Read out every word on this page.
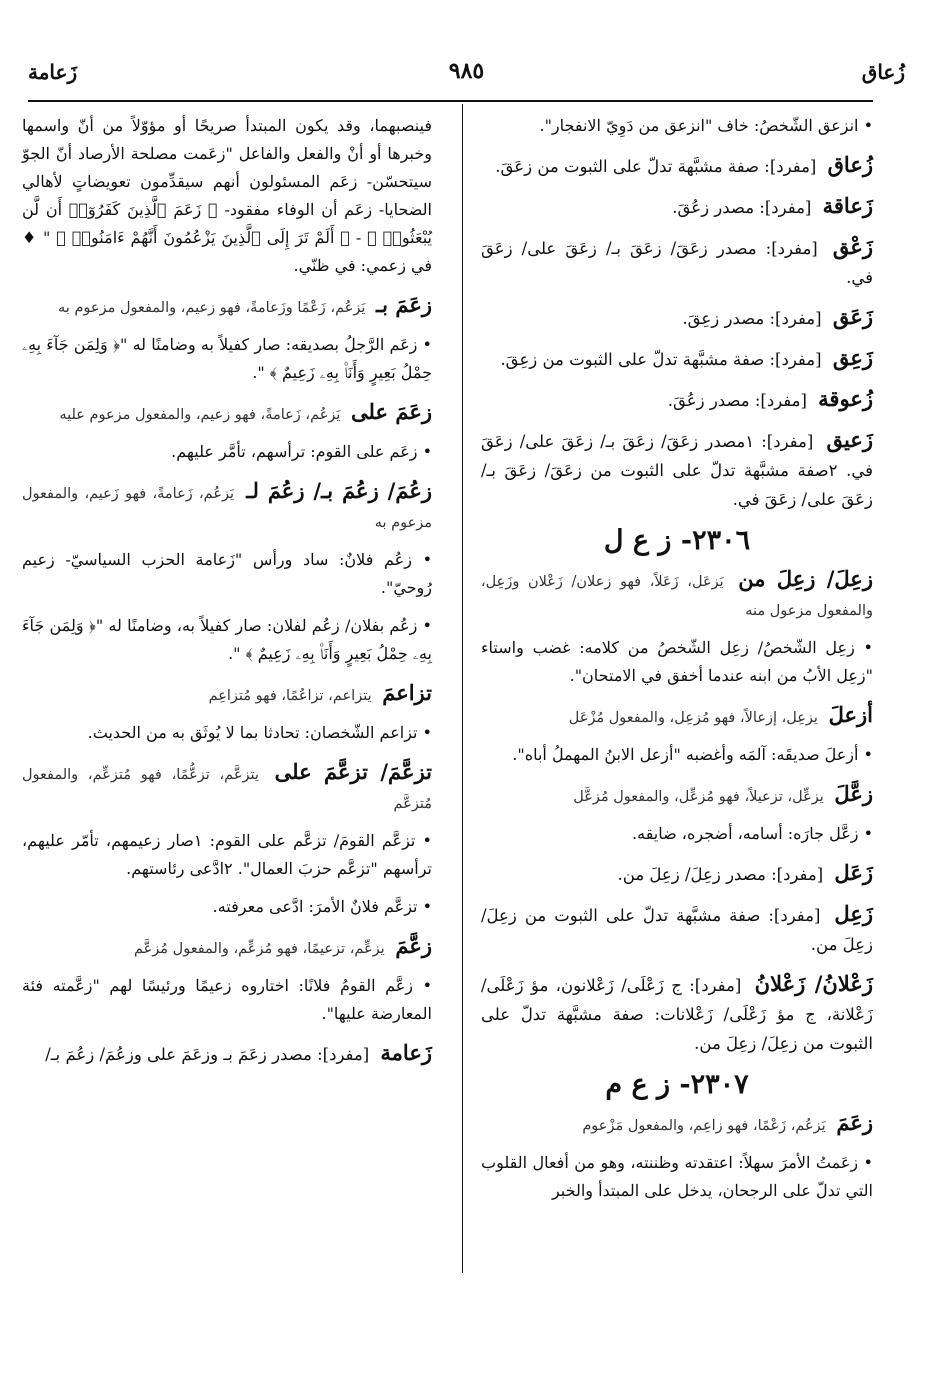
زُعاق
٩٨٥
زَعامة
• انزعق الشّخصُ: خاف "انزعق من دَوِيّ الانفجار".
زُعاق [مفرد]: صفة مشبَّهة تدلّ على الثبوت من زعَقَ.
زَعاقة [مفرد]: مصدر زعُقَ.
زَعْق [مفرد]: مصدر زعَقَ/ زعَقَ بـ/ زعَقَ على/ زعَقَ في.
زَعَق [مفرد]: مصدر زعِقَ.
زَعِق [مفرد]: صفة مشبَّهة تدلّ على الثبوت من زعِقَ.
زُعوقة [مفرد]: مصدر زعُقَ.
زَعيق [مفرد]: ١مصدر زعَقَ/ زعَقَ بـ/ زعَقَ على/ زعَقَ في. ٢صفة مشبَّهة تدلّ على الثبوت من زعَقَ/ زعَقَ بـ/ زعَقَ على/ زعَقَ في.
٢٣٠٦- ز ع ل
زعِلَ/ زعِلَ من يَزعَل، زَعَلاً، فهو زعلان/ زَعْلان وزَعِل، والمفعول مزعول منه
• زعِل الشّخصُ/ زعِل الشّخصُ من كلامه: غضب واستاء "زعِل الأبُ من ابنه عندما أخفق في الامتحان".
أزعلَ يزعِل، إزعالاً، فهو مُزعِل، والمفعول مُزْعَل
• أزعلَ صديقَه: آلمَه وأغضبه "أزعل الابنُ المهملُ أباه".
زعَّلَ يزعِّل، تزعيلاً، فهو مُزعِّل، والمفعول مُزعَّل
• زعَّل جارَه: أسامه، أضجره، ضايقه.
زَعَل [مفرد]: مصدر زعِلَ/ زعِلَ من.
زَعِل [مفرد]: صفة مشبَّهة تدلّ على الثبوت من زعِلَ/ زعِلَ من.
زَعْلانُ/ زَعْلانُ [مفرد]: ج زَعْلَى/ زَعْلانون، مؤ زَعْلَى/ زَعْلانة، ج مؤ زَعْلَى/ زَعْلانات: صفة مشبَّهة تدلّ على الثبوت من زعِلَ/ زعِلَ من.
٢٣٠٧- ز ع م
زعَمَ يَزعُم، زَعْمًا، فهو زاعِم، والمفعول مَزْعوم
• زعَمتُ الأمرَ سهلاً: اعتقدته وظننته، وهو من أفعال القلوب التي تدلّ على الرجحان، يدخل على المبتدأ والخبر
فينصبهما، وقد يكون المبتدأ صريحًا أو مؤوّلاً من أنّ واسمها وخبرها أو أنْ والفعل والفاعل "زعَمت مصلحة الأرصاد أنّ الجوّ سيتحسّن- زعَم المسئولون أنهم سيقدِّمون تعويضاتٍ لأهالي الضحايا- زعَم أن الوفاء مفقود- ﴿ زَعَمَ ٱلَّذِينَ كَفَرُوٓا۟ أَن لَّن يُبْعَثُوا۟ ﴾ - ﴿ أَلَمْ تَرَ إِلَى ٱلَّذِينَ يَزْعُمُونَ أَنَّهُمْ ءَامَنُوا۟ ﴾ " ♦ في زعمي: في ظنّي.
زعَمَ بـ يَزعُم، زَعْمًا وزَعامةً، فهو زعيم، والمفعول مزعوم به
• زعَم الرَّجلُ بصديقه: صار كفيلاً به وضامنًا له "﴿ وَلِمَن جَآءَ بِهِۦ حِمْلُ بَعِيرٍ وَأَنَا۠ بِهِۦ زَعِيمٌ ﴾ ".
زعَمَ على يَزعُم، زَعامةً، فهو زعيم، والمفعول مزعوم عليه
• زعَم على القوم: ترأسهم، تأمَّر عليهم.
زعُمَ/ زعُمَ بـ/ زعُمَ لـ يَزعُم، زَعامةً، فهو زَعيم، والمفعول مزعوم به
• زعُم فلانٌ: ساد ورأس "زَعامة الحزب السياسيّ- زعيم رُوحيّ".
• زعُم بفلان/ زعُم لفلان: صار كفيلاً به، وضامنًا له "﴿ وَلِمَن جَآءَ بِهِۦ حِمْلُ بَعِيرٍ وَأَنَا۠ بِهِۦ زَعِيمٌ ﴾ ".
تزاعمَ يتزاعم، تزاعُمًا، فهو مُتزاعِم
• تزاعم الشّخصان: تحادثا بما لا يُوثَق به من الحديث.
تزعَّمَ/ تزعَّمَ على يتزعَّم، تزعُّمًا، فهو مُتزعِّم، والمفعول مُتزعَّم
• تزعَّم القومَ/ تزعَّم على القوم: ١صار زعيمهم، تأمّر عليهم، ترأسهم "تزعَّم حزبَ العمال". ٢ادَّعى رئاستهم.
• تزعَّم فلانٌ الأمرَ: ادَّعى معرفته.
زعَّمَ يزعِّم، تزعيمًا، فهو مُزعِّم، والمفعول مُزعَّم
• زعَّم القومُ فلانًا: اختاروه زعيمًا ورئيسًا لهم "زعَّمته فئة المعارضة عليها".
زَعامة [مفرد]: مصدر زعَمَ بـ وزعَمَ على وزعُمَ/ زعُمَ بـ/
